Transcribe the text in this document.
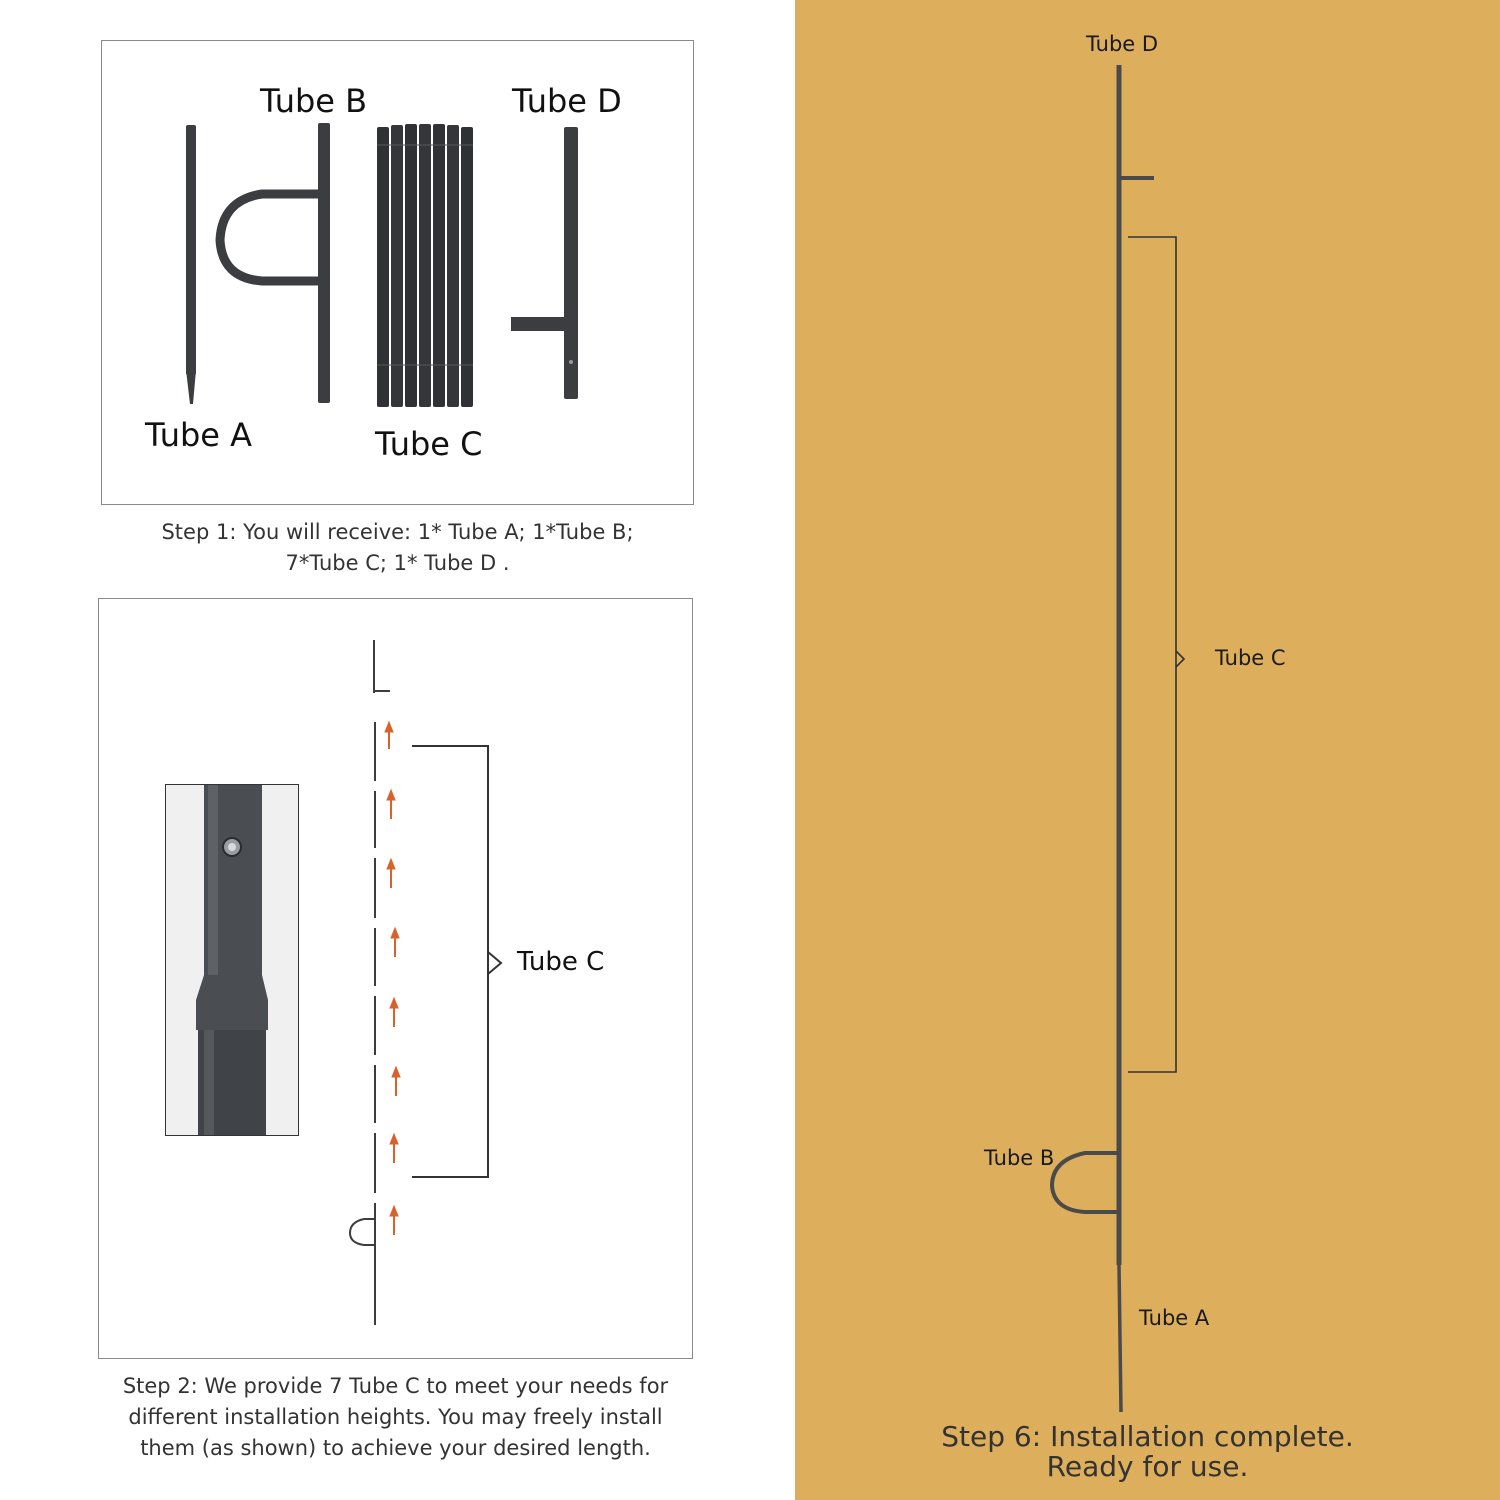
Tube B	Tube D
Tube A	Tube C
Step 1: You will receive: 1* Tube A; 1*Tube B;
7*Tube C; 1* Tube D .
Tube C
Step 2: We provide 7 Tube C to meet your needs for
different installation heights. You may freely install
them (as shown) to achieve your desired length.
Tube D
Tube C
Tube B
Tube A
Step 6: Installation complete.
Ready for use.
